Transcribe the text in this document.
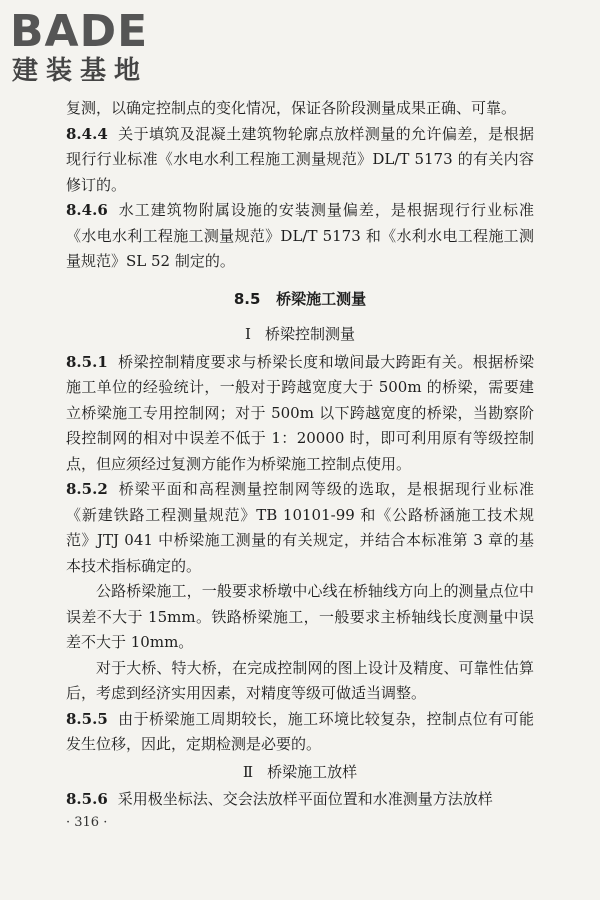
BADE
建装基地

复测，以确定控制点的变化情况，保证各阶段测量成果正确、可靠。

8.4.4 关于填筑及混凝土建筑物轮廓点放样测量的允许偏差，是根据现行行业标准《水电水利工程施工测量规范》DL/T 5173 的有关内容修订的。

8.4.6 水工建筑物附属设施的安装测量偏差，是根据现行行业标准《水电水利工程施工测量规范》DL/T 5173 和《水利水电工程施工测量规范》SL 52 制定的。

8.5 桥梁施工测量
Ⅰ 桥梁控制测量

8.5.1 桥梁控制精度要求与桥梁长度和墩间最大跨距有关。根据桥梁施工单位的经验统计，一般对于跨越宽度大于 500m 的桥梁，需要建立桥梁施工专用控制网；对于 500m 以下跨越宽度的桥梁，当勘察阶段控制网的相对中误差不低于 1：20000 时，即可利用原有等级控制点，但应须经过复测方能作为桥梁施工控制点使用。

8.5.2 桥梁平面和高程测量控制网等级的选取，是根据现行业标准《新建铁路工程测量规范》TB 10101-99 和《公路桥涵施工技术规范》JTJ 041 中桥梁施工测量的有关规定，并结合本标准第 3 章的基本技术指标确定的。

公路桥梁施工，一般要求桥墩中心线在桥轴线方向上的测量点位中误差不大于 15mm。铁路桥梁施工，一般要求主桥轴线长度测量中误差不大于 10mm。

对于大桥、特大桥，在完成控制网的图上设计及精度、可靠性估算后，考虑到经济实用因素，对精度等级可做适当调整。

8.5.5 由于桥梁施工周期较长，施工环境比较复杂，控制点位有可能发生位移，因此，定期检测是必要的。

Ⅱ 桥梁施工放样

8.5.6 采用极坐标法、交会法放样平面位置和水准测量方法放样

· 316 ·
